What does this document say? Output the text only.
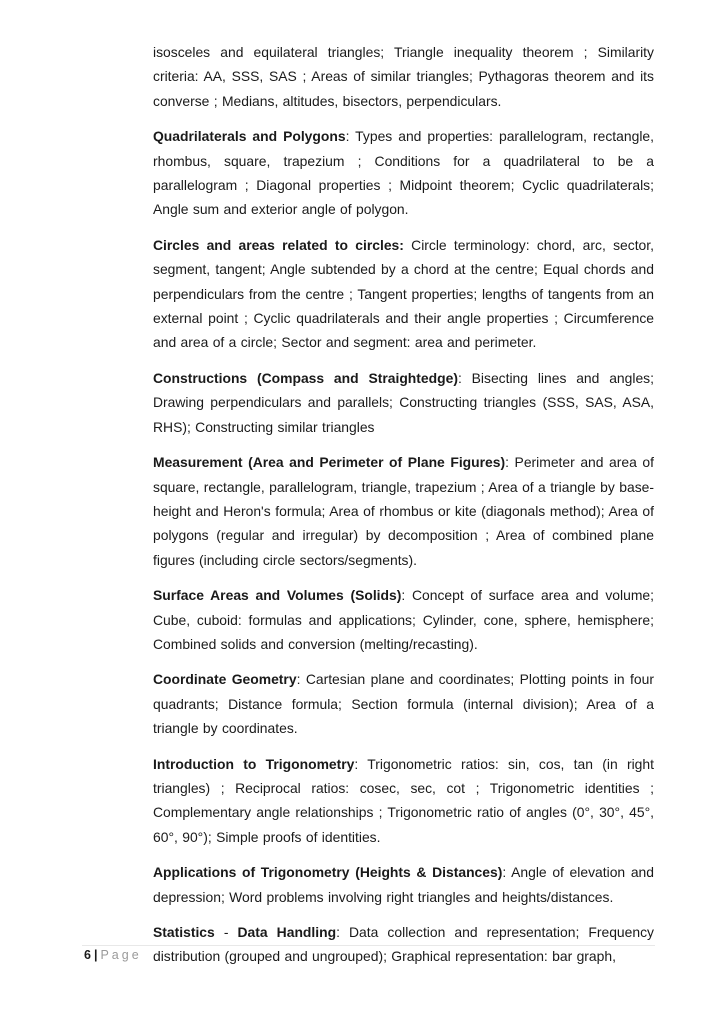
isosceles and equilateral triangles; Triangle inequality theorem ; Similarity criteria: AA, SSS, SAS ; Areas of similar triangles; Pythagoras theorem and its converse ; Medians, altitudes, bisectors, perpendiculars.

Quadrilaterals and Polygons: Types and properties: parallelogram, rectangle, rhombus, square, trapezium ; Conditions for a quadrilateral to be a parallelogram ; Diagonal properties ; Midpoint theorem; Cyclic quadrilaterals; Angle sum and exterior angle of polygon.

Circles and areas related to circles: Circle terminology: chord, arc, sector, segment, tangent; Angle subtended by a chord at the centre; Equal chords and perpendiculars from the centre ; Tangent properties; lengths of tangents from an external point ; Cyclic quadrilaterals and their angle properties ; Circumference and area of a circle; Sector and segment: area and perimeter.

Constructions (Compass and Straightedge): Bisecting lines and angles; Drawing perpendiculars and parallels; Constructing triangles (SSS, SAS, ASA, RHS); Constructing similar triangles

Measurement (Area and Perimeter of Plane Figures): Perimeter and area of square, rectangle, parallelogram, triangle, trapezium ; Area of a triangle by base-height and Heron's formula; Area of rhombus or kite (diagonals method); Area of polygons (regular and irregular) by decomposition ; Area of combined plane figures (including circle sectors/segments).

Surface Areas and Volumes (Solids): Concept of surface area and volume; Cube, cuboid: formulas and applications; Cylinder, cone, sphere, hemisphere; Combined solids and conversion (melting/recasting).

Coordinate Geometry: Cartesian plane and coordinates; Plotting points in four quadrants; Distance formula; Section formula (internal division); Area of a triangle by coordinates.

Introduction to Trigonometry: Trigonometric ratios: sin, cos, tan (in right triangles) ; Reciprocal ratios: cosec, sec, cot ; Trigonometric identities ; Complementary angle relationships ; Trigonometric ratio of angles (0°, 30°, 45°, 60°, 90°); Simple proofs of identities.

Applications of Trigonometry (Heights & Distances): Angle of elevation and depression; Word problems involving right triangles and heights/distances.

Statistics - Data Handling: Data collection and representation; Frequency distribution (grouped and ungrouped); Graphical representation: bar graph,

6 | Page
